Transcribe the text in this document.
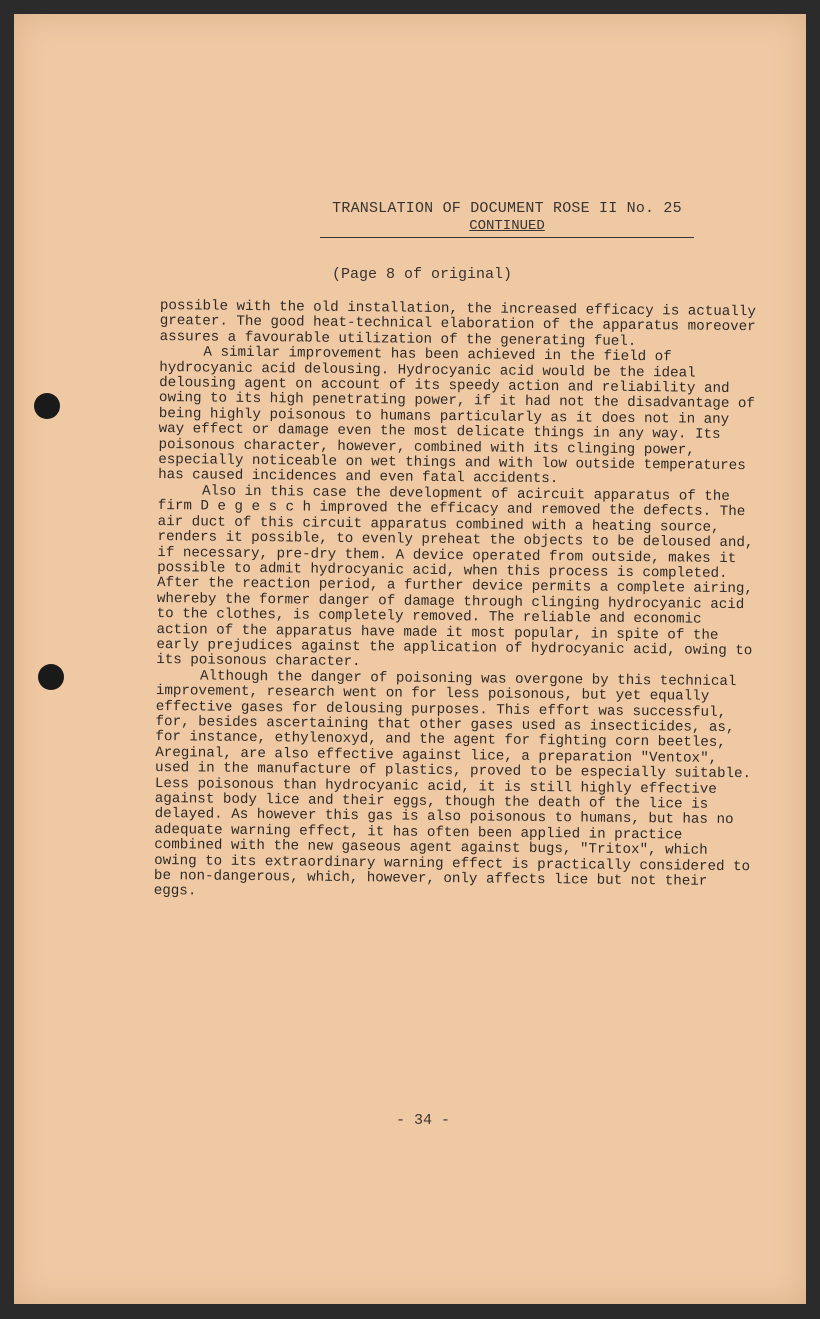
TRANSLATION OF DOCUMENT ROSE II No. 25
CONTINUED
(Page 8 of original)

possible with the old installation, the increased efficacy is actually greater. The good heat-technical elaboration of the apparatus moreover assures a favourable utilization of the generating fuel.

A similar improvement has been achieved in the field of hydrocyanic acid delousing. Hydrocyanic acid would be the ideal delousing agent on account of its speedy action and reliability and owing to its high penetrating power, if it had not the disadvantage of being highly poisonous to humans particularly as it does not in any way effect or damage even the most delicate things in any way. Its poisonous character, however, combined with its clinging power, especially noticeable on wet things and with low outside temperatures has caused incidences and even fatal accidents.

Also in this case the development of acircuit apparatus of the firm D e g e s c h improved the efficacy and removed the defects. The air duct of this circuit apparatus combined with a heating source, renders it possible, to evenly preheat the objects to be deloused and, if necessary, pre-dry them. A device operated from outside, makes it possible to admit hydrocyanic acid, when this process is completed. After the reaction period, a further device permits a complete airing, whereby the former danger of damage through clinging hydrocyanic acid to the clothes, is completely removed. The reliable and economic action of the apparatus have made it most popular, in spite of the early prejudices against the application of hydrocyanic acid, owing to its poisonous character.

Although the danger of poisoning was overgone by this technical improvement, research went on for less poisonous, but yet equally effective gases for delousing purposes. This effort was successful, for, besides ascertaining that other gases used as insecticides, as, for instance, ethylenoxyd, and the agent for fighting corn beetles, Areginal, are also effective against lice, a preparation "Ventox", used in the manufacture of plastics, proved to be especially suitable. Less poisonous than hydrocyanic acid, it is still highly effective against body lice and their eggs, though the death of the lice is delayed. As however this gas is also poisonous to humans, but has no adequate warning effect, it has often been applied in practice combined with the new gaseous agent against bugs, "Tritox", which owing to its extraordinary warning effect is practically considered to be non-dangerous, which, however, only affects lice but not their eggs.

- 34 -
